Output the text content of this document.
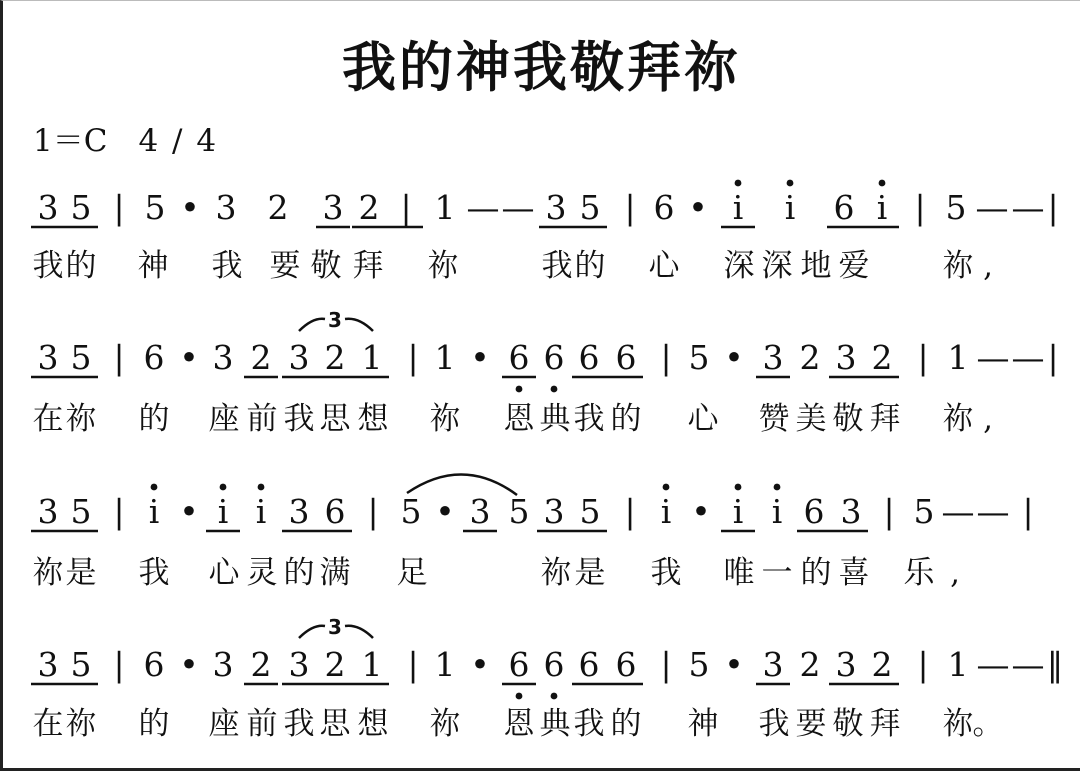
我的神我敬拜祢
1＝C　4 / 4
3 5 | 5 • 3 2 3 2 | 1 — — 3 5 | 6 • i i 6 i | 5 — — |
我 的 神 我 要 敬 拜 祢	我 的 心 深 深 地 爱 祢 ,
3 5 | 6 • 3 2 3 2 1 | 1 • 6 6 6 6 | 5 • 3 2 3 2 | 1 — — |
在 祢 的 座 前 我 思 想 祢 恩 典 我 的 心 赞 美 敬 拜 祢 ,
3
3 5 | i • i i 3 6 | 5 • 3 5 3 5 | i • i i 6 3 | 5 — — |
祢 是 我 心 灵 的 满 足	祢 是 我 唯 一 的 喜 乐 ,
3 5 | 6 • 3 2 3 2 1 | 1 • 6 6 6 6 | 5 • 3 2 3 2 | 1 — — ‖
在 祢 的 座 前 我 思 想 祢 恩 典 我 的 神 我 要 敬 拜 祢 。
3
